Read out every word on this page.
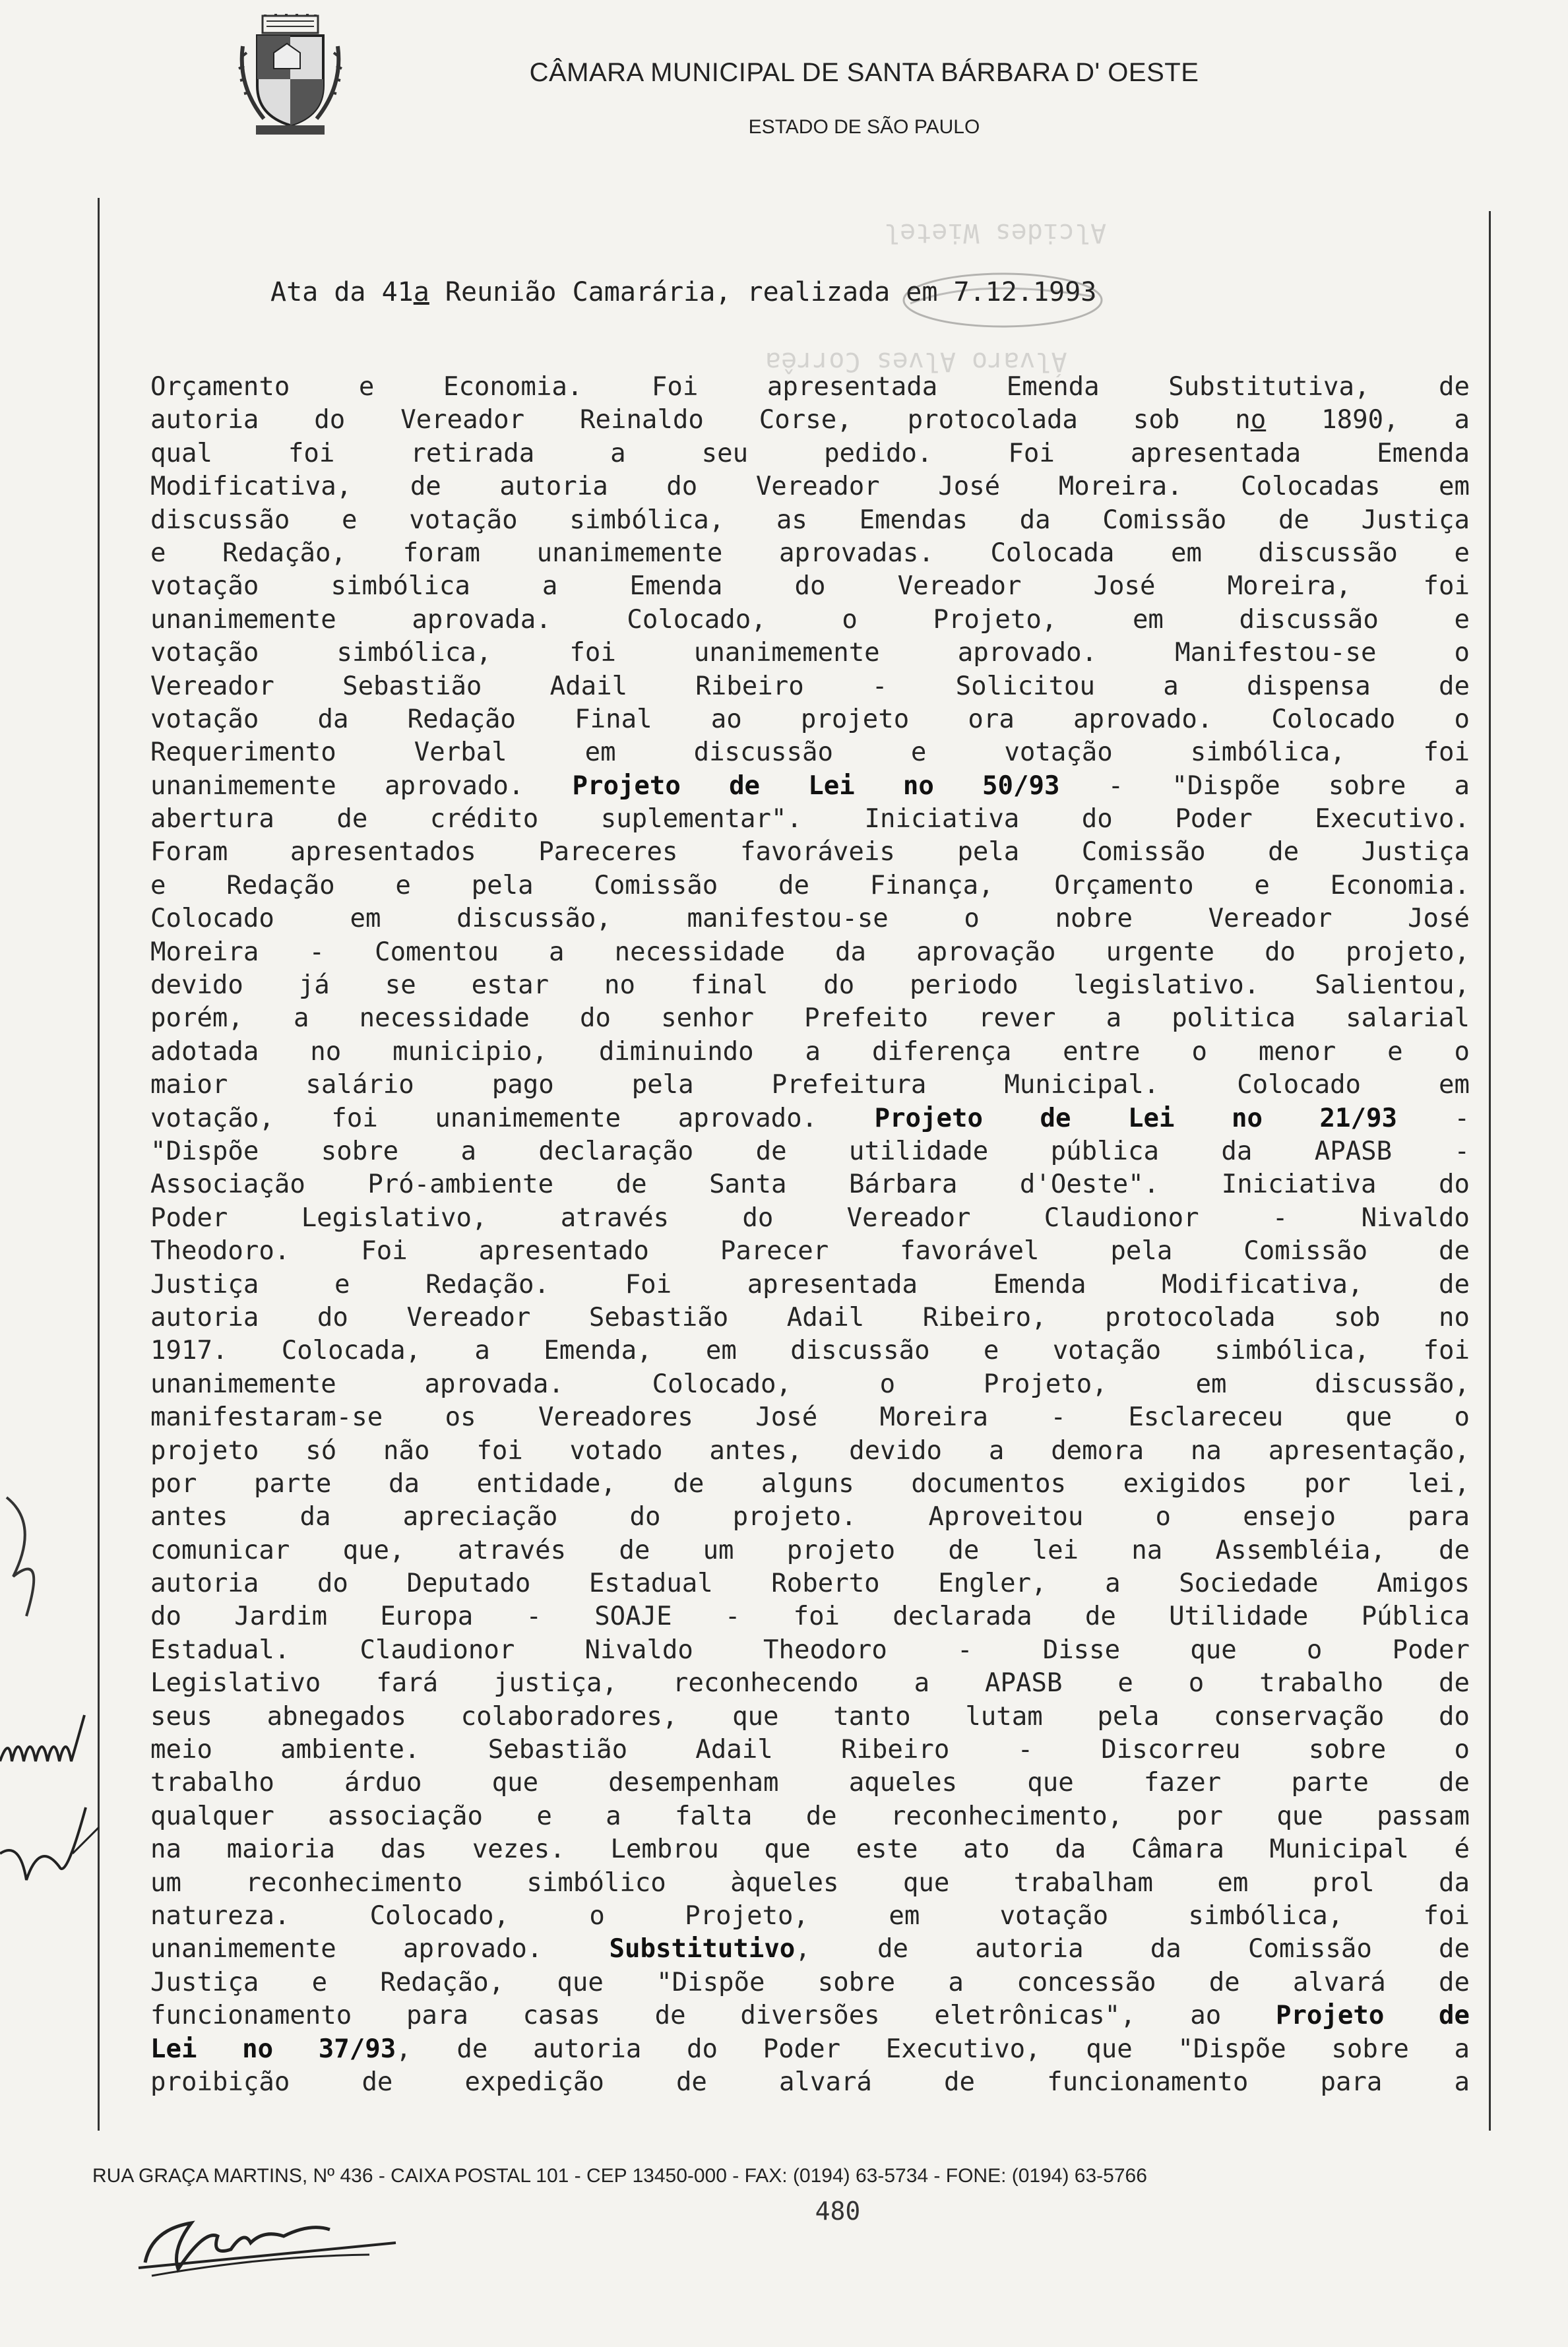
CÂMARA MUNICIPAL DE SANTA BÁRBARA D' OESTE
ESTADO DE SÃO PAULO
Alcides Wietel
Álvaro Alves Corrêa
Ata da 41a Reunião Camarária, realizada em 7.12.1993
Orçamento e Economia. Foi apresentada Emenda Substitutiva, de
autoria do Vereador Reinaldo Corse, protocolada sob no 1890, a
qual foi retirada a seu pedido. Foi apresentada Emenda
Modificativa, de autoria do Vereador José Moreira. Colocadas em
discussão e votação simbólica, as Emendas da Comissão de Justiça
e Redação, foram unanimemente aprovadas. Colocada em discussão e
votação simbólica a Emenda do Vereador José Moreira, foi
unanimemente aprovada. Colocado, o Projeto, em discussão e
votação simbólica, foi unanimemente aprovado. Manifestou-se o
Vereador Sebastião Adail Ribeiro - Solicitou a dispensa de
votação da Redação Final ao projeto ora aprovado. Colocado o
Requerimento Verbal em discussão e votação simbólica, foi
unanimemente aprovado. Projeto de Lei no 50/93 - "Dispõe sobre a
abertura de crédito suplementar". Iniciativa do Poder Executivo.
Foram apresentados Pareceres favoráveis pela Comissão de Justiça
e Redação e pela Comissão de Finança, Orçamento e Economia.
Colocado em discussão, manifestou-se o nobre Vereador José
Moreira - Comentou a necessidade da aprovação urgente do projeto,
devido já se estar no final do periodo legislativo. Salientou,
porém, a necessidade do senhor Prefeito rever a politica salarial
adotada no municipio, diminuindo a diferença entre o menor e o
maior salário pago pela Prefeitura Municipal. Colocado em
votação, foi unanimemente aprovado. Projeto de Lei no 21/93 -
"Dispõe sobre a declaração de utilidade pública da APASB -
Associação Pró-ambiente de Santa Bárbara d'Oeste". Iniciativa do
Poder Legislativo, através do Vereador Claudionor - Nivaldo
Theodoro. Foi apresentado Parecer favorável pela Comissão de
Justiça e Redação. Foi apresentada Emenda Modificativa, de
autoria do Vereador Sebastião Adail Ribeiro, protocolada sob no
1917. Colocada, a Emenda, em discussão e votação simbólica, foi
unanimemente aprovada. Colocado, o Projeto, em discussão,
manifestaram-se os Vereadores José Moreira - Esclareceu que o
projeto só não foi votado antes, devido a demora na apresentação,
por parte da entidade, de alguns documentos exigidos por lei,
antes da apreciação do projeto. Aproveitou o ensejo para
comunicar que, através de um projeto de lei na Assembléia, de
autoria do Deputado Estadual Roberto Engler, a Sociedade Amigos
do Jardim Europa - SOAJE - foi declarada de Utilidade Pública
Estadual. Claudionor Nivaldo Theodoro - Disse que o Poder
Legislativo fará justiça, reconhecendo a APASB e o trabalho de
seus abnegados colaboradores, que tanto lutam pela conservação do
meio ambiente. Sebastião Adail Ribeiro - Discorreu sobre o
trabalho árduo que desempenham aqueles que fazer parte de
qualquer associação e a falta de reconhecimento, por que passam
na maioria das vezes. Lembrou que este ato da Câmara Municipal é
um reconhecimento simbólico àqueles que trabalham em prol da
natureza. Colocado, o Projeto, em votação simbólica, foi
unanimemente aprovado. Substitutivo, de autoria da Comissão de
Justiça e Redação, que "Dispõe sobre a concessão de alvará de
funcionamento para casas de diversões eletrônicas", ao Projeto de
Lei no 37/93, de autoria do Poder Executivo, que "Dispõe sobre a
proibição de expedição de alvará de funcionamento para a
RUA GRAÇA MARTINS, Nº 436 - CAIXA POSTAL 101 - CEP 13450-000 - FAX: (0194) 63-5734 - FONE: (0194) 63-5766
480
